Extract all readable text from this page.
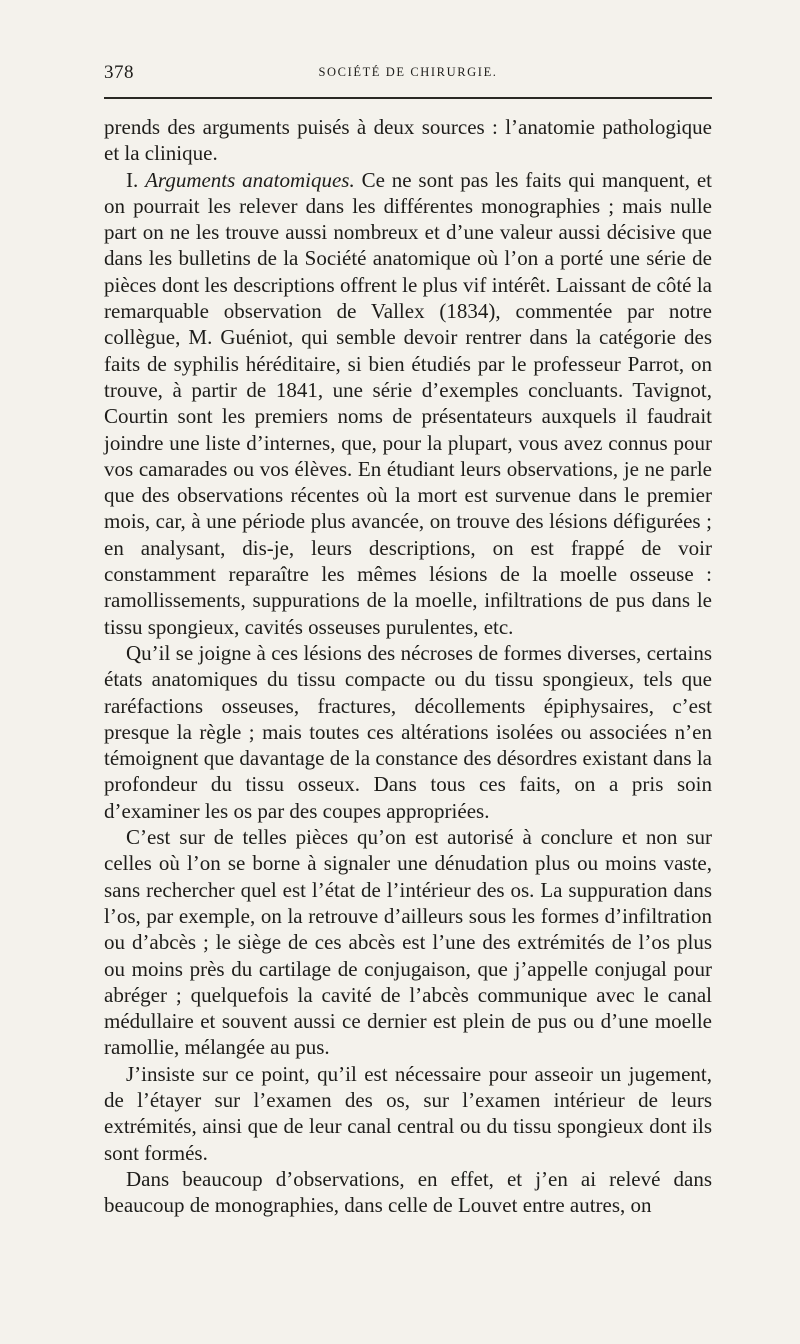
378	SOCIÉTÉ DE CHIRURGIE.

prends des arguments puisés à deux sources : l’anatomie pathologique et la clinique.

I. Arguments anatomiques. Ce ne sont pas les faits qui manquent, et on pourrait les relever dans les différentes monographies ; mais nulle part on ne les trouve aussi nombreux et d’une valeur aussi décisive que dans les bulletins de la Société anatomique où l’on a porté une série de pièces dont les descriptions offrent le plus vif intérêt. Laissant de côté la remarquable observation de Vallex (1834), commentée par notre collègue, M. Guéniot, qui semble devoir rentrer dans la catégorie des faits de syphilis héréditaire, si bien étudiés par le professeur Parrot, on trouve, à partir de 1841, une série d’exemples concluants. Tavignot, Courtin sont les premiers noms de présentateurs auxquels il faudrait joindre une liste d’internes, que, pour la plupart, vous avez connus pour vos camarades ou vos élèves. En étudiant leurs observations, je ne parle que des observations récentes où la mort est survenue dans le premier mois, car, à une période plus avancée, on trouve des lésions défigurées ; en analysant, dis-je, leurs descriptions, on est frappé de voir constamment reparaître les mêmes lésions de la moelle osseuse : ramollissements, suppurations de la moelle, infiltrations de pus dans le tissu spongieux, cavités osseuses purulentes, etc.

Qu’il se joigne à ces lésions des nécroses de formes diverses, certains états anatomiques du tissu compacte ou du tissu spongieux, tels que raréfactions osseuses, fractures, décollements épiphysaires, c’est presque la règle ; mais toutes ces altérations isolées ou associées n’en témoignent que davantage de la constance des désordres existant dans la profondeur du tissu osseux. Dans tous ces faits, on a pris soin d’examiner les os par des coupes appropriées.

C’est sur de telles pièces qu’on est autorisé à conclure et non sur celles où l’on se borne à signaler une dénudation plus ou moins vaste, sans rechercher quel est l’état de l’intérieur des os. La suppuration dans l’os, par exemple, on la retrouve d’ailleurs sous les formes d’infiltration ou d’abcès ; le siège de ces abcès est l’une des extrémités de l’os plus ou moins près du cartilage de conjugaison, que j’appelle conjugal pour abréger ; quelquefois la cavité de l’abcès communique avec le canal médullaire et souvent aussi ce dernier est plein de pus ou d’une moelle ramollie, mélangée au pus.

J’insiste sur ce point, qu’il est nécessaire pour asseoir un jugement, de l’étayer sur l’examen des os, sur l’examen intérieur de leurs extrémités, ainsi que de leur canal central ou du tissu spongieux dont ils sont formés.

Dans beaucoup d’observations, en effet, et j’en ai relevé dans beaucoup de monographies, dans celle de Louvet entre autres, on
